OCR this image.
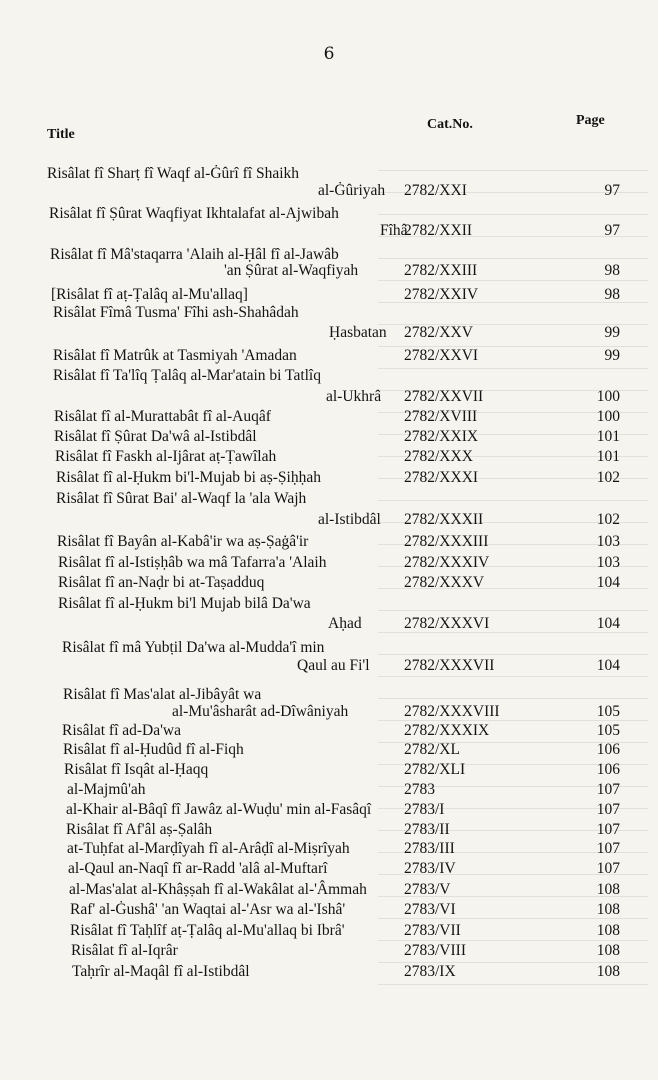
6
Title
Cat.No.	Page
Risâlat fî Sharṭ fî Waqf al-Ġûrî fî Shaikh
al-Ġûriyah 2782/XXI	97
Risâlat fî Ṣûrat Waqfiyat Ikhtalafat al-Ajwibah
Fîhâ
2782/XXII	97
Risâlat fî Mâ'staqarra 'Alaih al-Ḥâl fî al-Jawâb
'an Ṣûrat al-Waqfiyah	2782/XXIII	98
[Risâlat fî aṭ-Ṭalâq al-Mu'allaq]	2782/XXIV	98
Risâlat Fîmâ Tusma' Fîhi ash-Shahâdah
Ḥasbatan 2782/XXV	99
Risâlat fî Matrûk at Tasmiyah 'Amadan	2782/XXVI	99
Risâlat fî Ta'lîq Ṭalâq al-Mar'atain bi Tatlîq
al-Ukhrâ 2782/XXVII	100
Risâlat fî al-Murattabât fî al-Auqâf	2782/XVIII	100
Risâlat fî Ṣûrat Da'wâ al-Istibdâl	2782/XXIX	101
Risâlat fî Faskh al-Ijârat aṭ-Ṭawîlah	2782/XXX	101
Risâlat fî al-Ḥukm bi'l-Mujab bi aṣ-Ṣiḥḥah	2782/XXXI	102
Risâlat fî Sûrat Bai' al-Waqf la 'ala Wajh
al-Istibdâl 2782/XXXII	102
Risâlat fî Bayân al-Kabâ'ir wa aṣ-Ṣaġâ'ir	2782/XXXIII	103
Risâlat fî al-Istiṣḥâb wa mâ Tafarra'a 'Alaih	2782/XXXIV	103
Risâlat fî an-Naḍr bi at-Taṣadduq	2782/XXXV	104
Risâlat fî al-Ḥukm bi'l Mujab bilâ Da'wa
Aḥad	2782/XXXVI	104
Risâlat fî mâ Yubṭil Da'wa al-Mudda'î min
Qaul au Fi'l 2782/XXXVII	104
Risâlat fî Mas'alat al-Jibâyât wa
al-Mu'âsharât ad-Dîwâniyah	2782/XXXVIII	105
Risâlat fî ad-Da'wa	2782/XXXIX	105
Risâlat fî al-Ḥudûd fî al-Fiqh	2782/XL	106
Risâlat fî Isqât al-Ḥaqq	2782/XLI	106
al-Majmû'ah	2783	107
al-Khair al-Bâqî fî Jawâz al-Wuḍu' min al-Fasâqî 2783/I	107
Risâlat fî Af'âl aṣ-Ṣalâh	2783/II	107
at-Tuḥfat al-Marḍîyah fî al-Arâḍî al-Miṣrîyah	2783/III	107
al-Qaul an-Naqî fî ar-Radd 'alâ al-Muftarî	2783/IV	107
al-Mas'alat al-Khâṣṣah fî al-Wakâlat al-'Âmmah 2783/V	108
Raf' al-Ġushâ' 'an Waqtai al-'Asr wa al-'Ishâ'	2783/VI	108
Risâlat fî Taḥlîf aṭ-Ṭalâq al-Mu'allaq bi Ibrâ'	2783/VII	108
Risâlat fî al-Iqrâr	2783/VIII	108
Taḥrîr al-Maqâl fî al-Istibdâl	2783/IX	108
